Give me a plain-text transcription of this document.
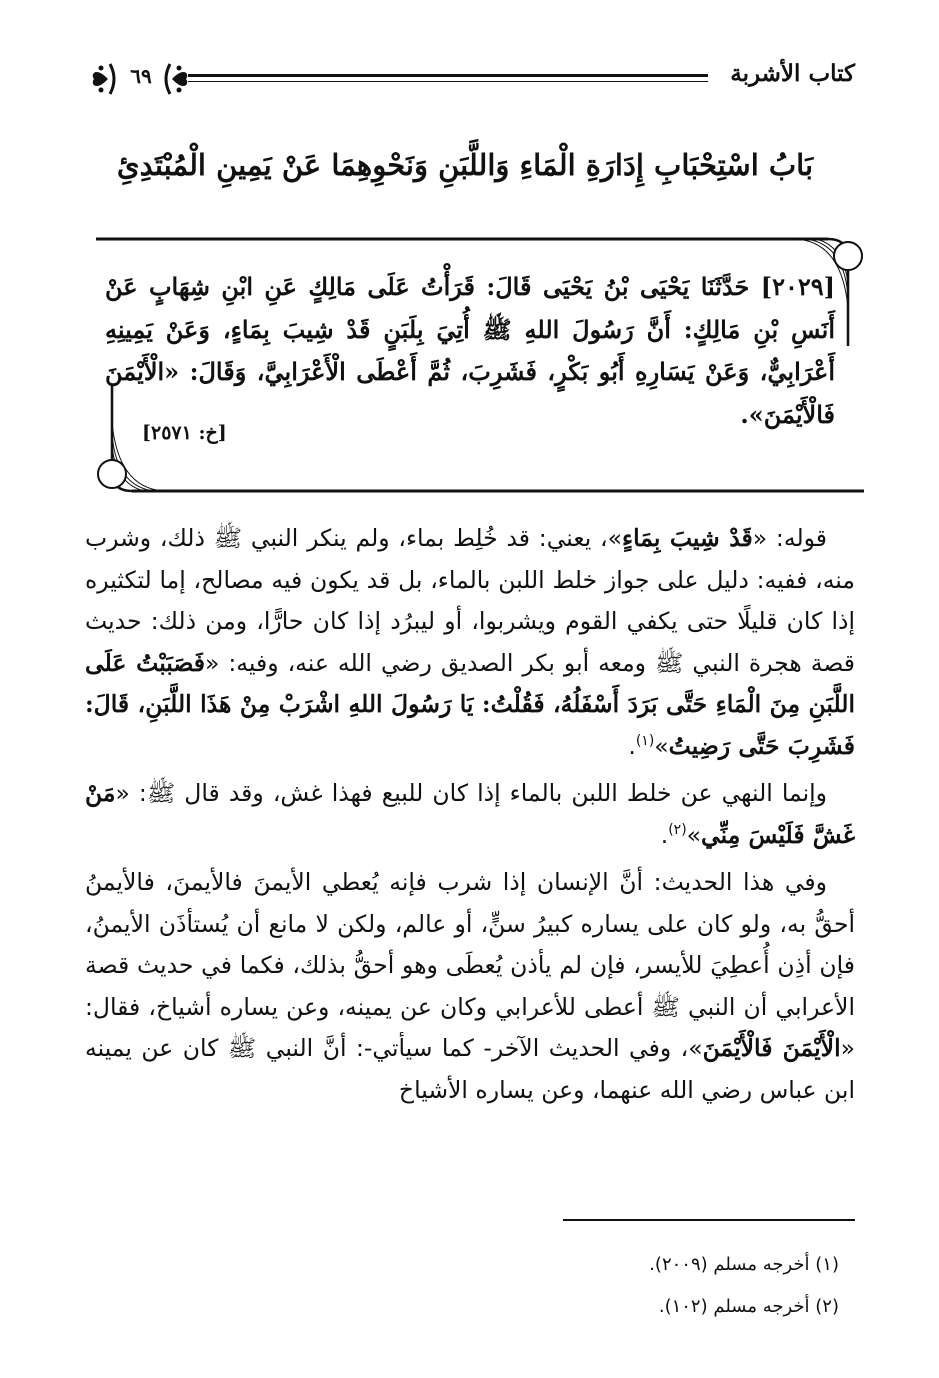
كتاب الأشربة
٦٩
بَابُ اسْتِحْبَابِ إِدَارَةِ الْمَاءِ وَاللَّبَنِ وَنَحْوِهِمَا عَنْ يَمِينِ الْمُبْتَدِئِ
[٢٠٢٩] حَدَّثَنَا يَحْيَى بْنُ يَحْيَى قَالَ: قَرَأْتُ عَلَى مَالِكٍ عَنِ ابْنِ شِهَابٍ عَنْ أَنَسِ بْنِ مَالِكٍ: أَنَّ رَسُولَ اللهِ ﷺ أُتِيَ بِلَبَنٍ قَدْ شِيبَ بِمَاءٍ، وَعَنْ يَمِينِهِ أَعْرَابِيٌّ، وَعَنْ يَسَارِهِ أَبُو بَكْرٍ، فَشَرِبَ، ثُمَّ أَعْطَى الْأَعْرَابِيَّ، وَقَالَ: «الْأَيْمَنَ فَالْأَيْمَنَ».
[خ: ٢٥٧١]

قوله: «قَدْ شِيبَ بِمَاءٍ»، يعني: قد خُلِط بماء، ولم ينكر النبي ﷺ ذلك، وشرب منه، ففيه: دليل على جواز خلط اللبن بالماء، بل قد يكون فيه مصالح، إما لتكثيره إذا كان قليلًا حتى يكفي القوم ويشربوا، أو ليبرُد إذا كان حارًّا، ومن ذلك: حديث قصة هجرة النبي ﷺ ومعه أبو بكر الصديق رضي الله عنه، وفيه: «فَصَبَبْتُ عَلَى اللَّبَنِ مِنَ الْمَاءِ حَتَّى بَرَدَ أَسْفَلُهُ، فَقُلْتُ: يَا رَسُولَ اللهِ اشْرَبْ مِنْ هَذَا اللَّبَنِ، قَالَ: فَشَرِبَ حَتَّى رَضِيتُ»$^{(١)}$.

وإنما النهي عن خلط اللبن بالماء إذا كان للبيع فهذا غش، وقد قال ﷺ: «مَنْ غَشَّ فَلَيْسَ مِنِّي»$^{(٢)}$.

وفي هذا الحديث: أنَّ الإنسان إذا شرب فإنه يُعطي الأيمنَ فالأيمنَ، فالأيمنُ أحقُّ به، ولو كان على يساره كبيرُ سنٍّ، أو عالم، ولكن لا مانع أن يُستأذَن الأيمنُ، فإن أذِن أُعطِيَ للأيسر، فإن لم يأذن يُعطَى وهو أحقُّ بذلك، فكما في حديث قصة الأعرابي أن النبي ﷺ أعطى للأعرابي وكان عن يمينه، وعن يساره أشياخ، فقال: «الْأَيْمَنَ فَالْأَيْمَنَ»، وفي الحديث الآخر- كما سيأتي-: أنَّ النبي ﷺ كان عن يمينه ابن عباس رضي الله عنهما، وعن يساره الأشياخ

(١) أخرجه مسلم (٢٠٠٩).
(٢) أخرجه مسلم (١٠٢).
